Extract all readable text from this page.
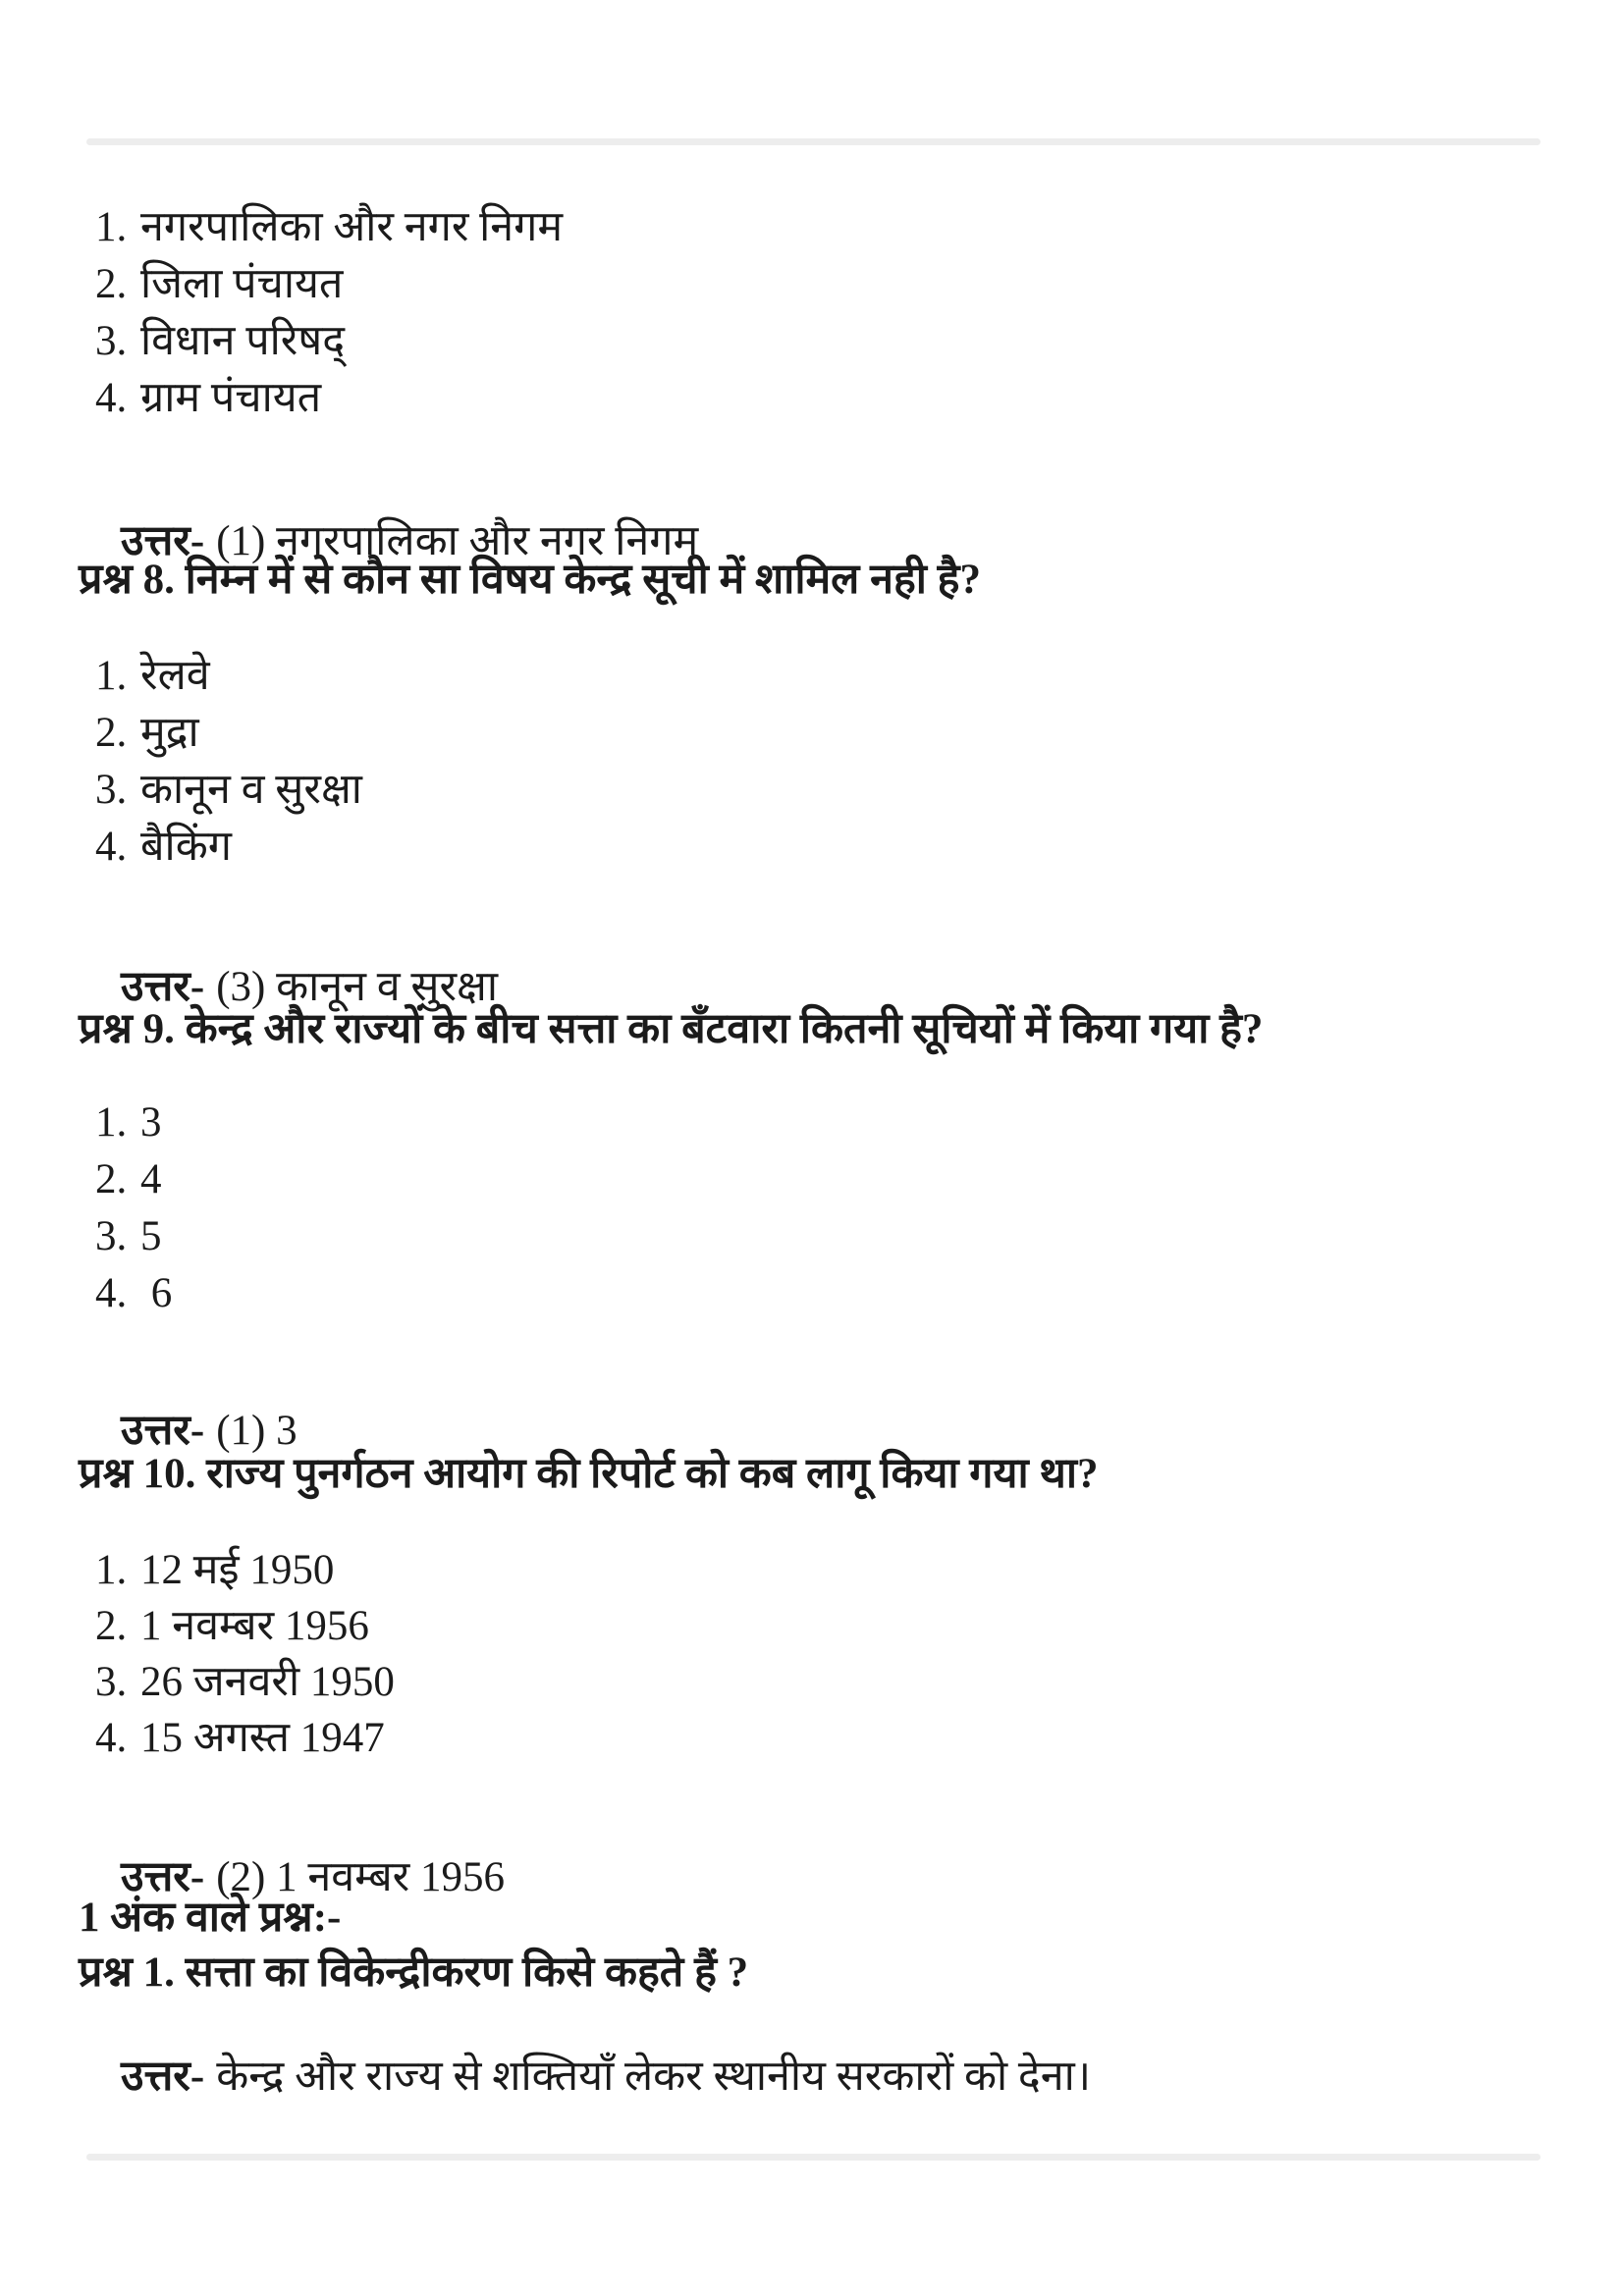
1. नगरपालिका और नगर निगम
2. जिला पंचायत
3. विधान परिषद्
4. ग्राम पंचायत

उत्तर- (1) नगरपालिका और नगर निगम

प्रश्न 8. निम्न में से कौन सा विषय केन्द्र सूची में शामिल नही है?
1. रेलवे
2. मुद्रा
3. कानून व सुरक्षा
4. बैकिंग

उत्तर- (3) कानून व सुरक्षा

प्रश्न 9. केन्द्र और राज्यों के बीच सत्ता का बँटवारा कितनी सूचियों में किया गया है?
1. 3
2. 4
3. 5
4. 6

उत्तर- (1) 3

प्रश्न 10. राज्य पुनर्गठन आयोग की रिपोर्ट को कब लागू किया गया था?
1. 12 मई 1950
2. 1 नवम्बर 1956
3. 26 जनवरी 1950
4. 15 अगस्त 1947

उत्तर- (2) 1 नवम्बर 1956

1 अंक वाले प्रश्न:-
प्रश्न 1. सत्ता का विकेन्द्रीकरण किसे कहते हैं ?

उत्तर- केन्द्र और राज्य से शक्तियाँ लेकर स्थानीय सरकारों को देना।
